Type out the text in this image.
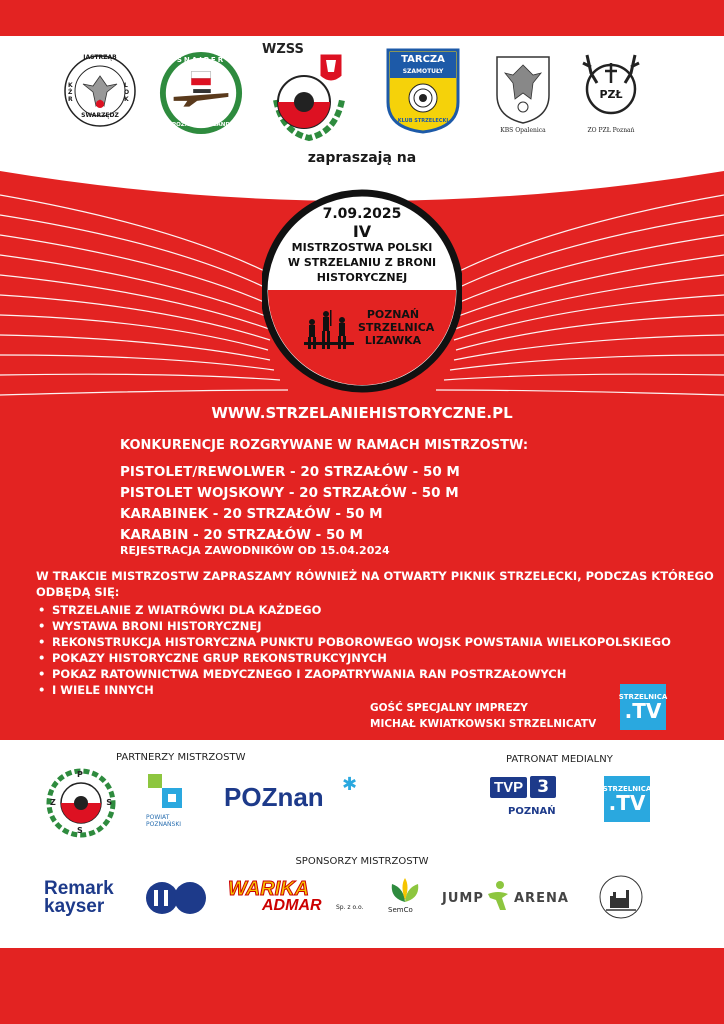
JASTRZĄB
KŻR
LOK
SWARZĘDZ
SNAJPER
POZNAŃ - POLAND
WZSS
TARCZA
SZAMOTUŁY
KLUB STRZELECKI
KBS Opalenica
PZŁ
ZO PZŁ Poznań
zapraszają na
7.09.2025
IV
MISTRZOSTWA POLSKI
W STRZELANIU Z BRONI
HISTORYCZNEJ
POZNAŃ
STRZELNICA
LIZAWKA
WWW.STRZELANIEHISTORYCZNE.PL
KONKURENCJE ROZGRYWANE W RAMACH MISTRZOSTW:
PISTOLET/REWOLWER - 20 STRZAŁÓW - 50 M
PISTOLET WOJSKOWY - 20 STRZAŁÓW - 50 M
KARABINEK - 20 STRZAŁÓW - 50 M
KARABIN - 20 STRZAŁÓW - 50 M
REJESTRACJA ZAWODNIKÓW OD 15.04.2024
W TRAKCIE MISTRZOSTW ZAPRASZAMY RÓWNIEŻ NA OTWARTY PIKNIK STRZELECKI, PODCZAS KTÓREGO
ODBĘDĄ SIĘ:
• STRZELANIE Z WIATRÓWKI DLA KAŻDEGO
• WYSTAWA BRONI HISTORYCZNEJ
• REKONSTRUKCJA HISTORYCZNA PUNKTU POBOROWEGO WOJSK POWSTANIA WIELKOPOLSKIEGO
• POKAZY HISTORYCZNE GRUP REKONSTRUKCYJNYCH
• POKAZ RATOWNICTWA MEDYCZNEGO I ZAOPATRYWANIA RAN POSTRZAŁOWYCH
• I WIELE INNYCH
GOŚĆ SPECJALNY IMPREZY
MICHAŁ KWIATKOWSKI STRZELNICATV
STRZELNICA
.TV
PARTNERZY MISTRZOSTW
P
Z	S
S
POWIAT
POZNAŃSKI
POZnan ✱
PATRONAT MEDIALNY
TVP 3
POZNAŃ
STRZELNICA
.TV
SPONSORZY MISTRZOSTW
Remark
kayser
WARIKA
ADMAR Sp. z o.o.	SemCo
JUMP ARENA
